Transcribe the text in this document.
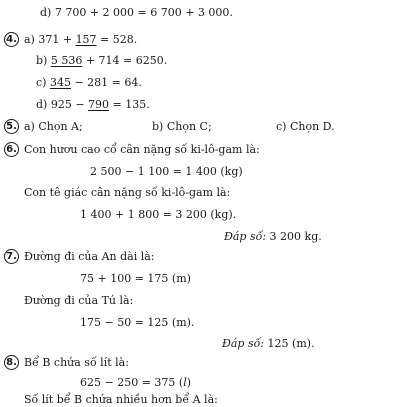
d) 7 700 + 2 000 = 6 700 + 3 000.
4. a) 371 + 157 = 528.
b) 5 536 + 714 = 6250.
c) 345 − 281 = 64.
d) 925 − 790 = 135.
5. a) Chọn A;	b) Chọn C;	c) Chọn D.
6. Con hươu cao cổ cân nặng số ki-lô-gam là:
2 500 − 1 100 = 1 400 (kg)
Con tê giác cân nặng số ki-lô-gam là:
1 400 + 1 800 = 3 200 (kg).
Đáp số: 3 200 kg.
7. Đường đi của An dài là:
75 + 100 = 175 (m)
Đường đi của Tú là:
175 − 50 = 125 (m).
Đáp số: 125 (m).
8. Bể B chứa số lít là:
625 − 250 = 375 (l)
Số lít bể B chứa nhiều hơn bể A là:
